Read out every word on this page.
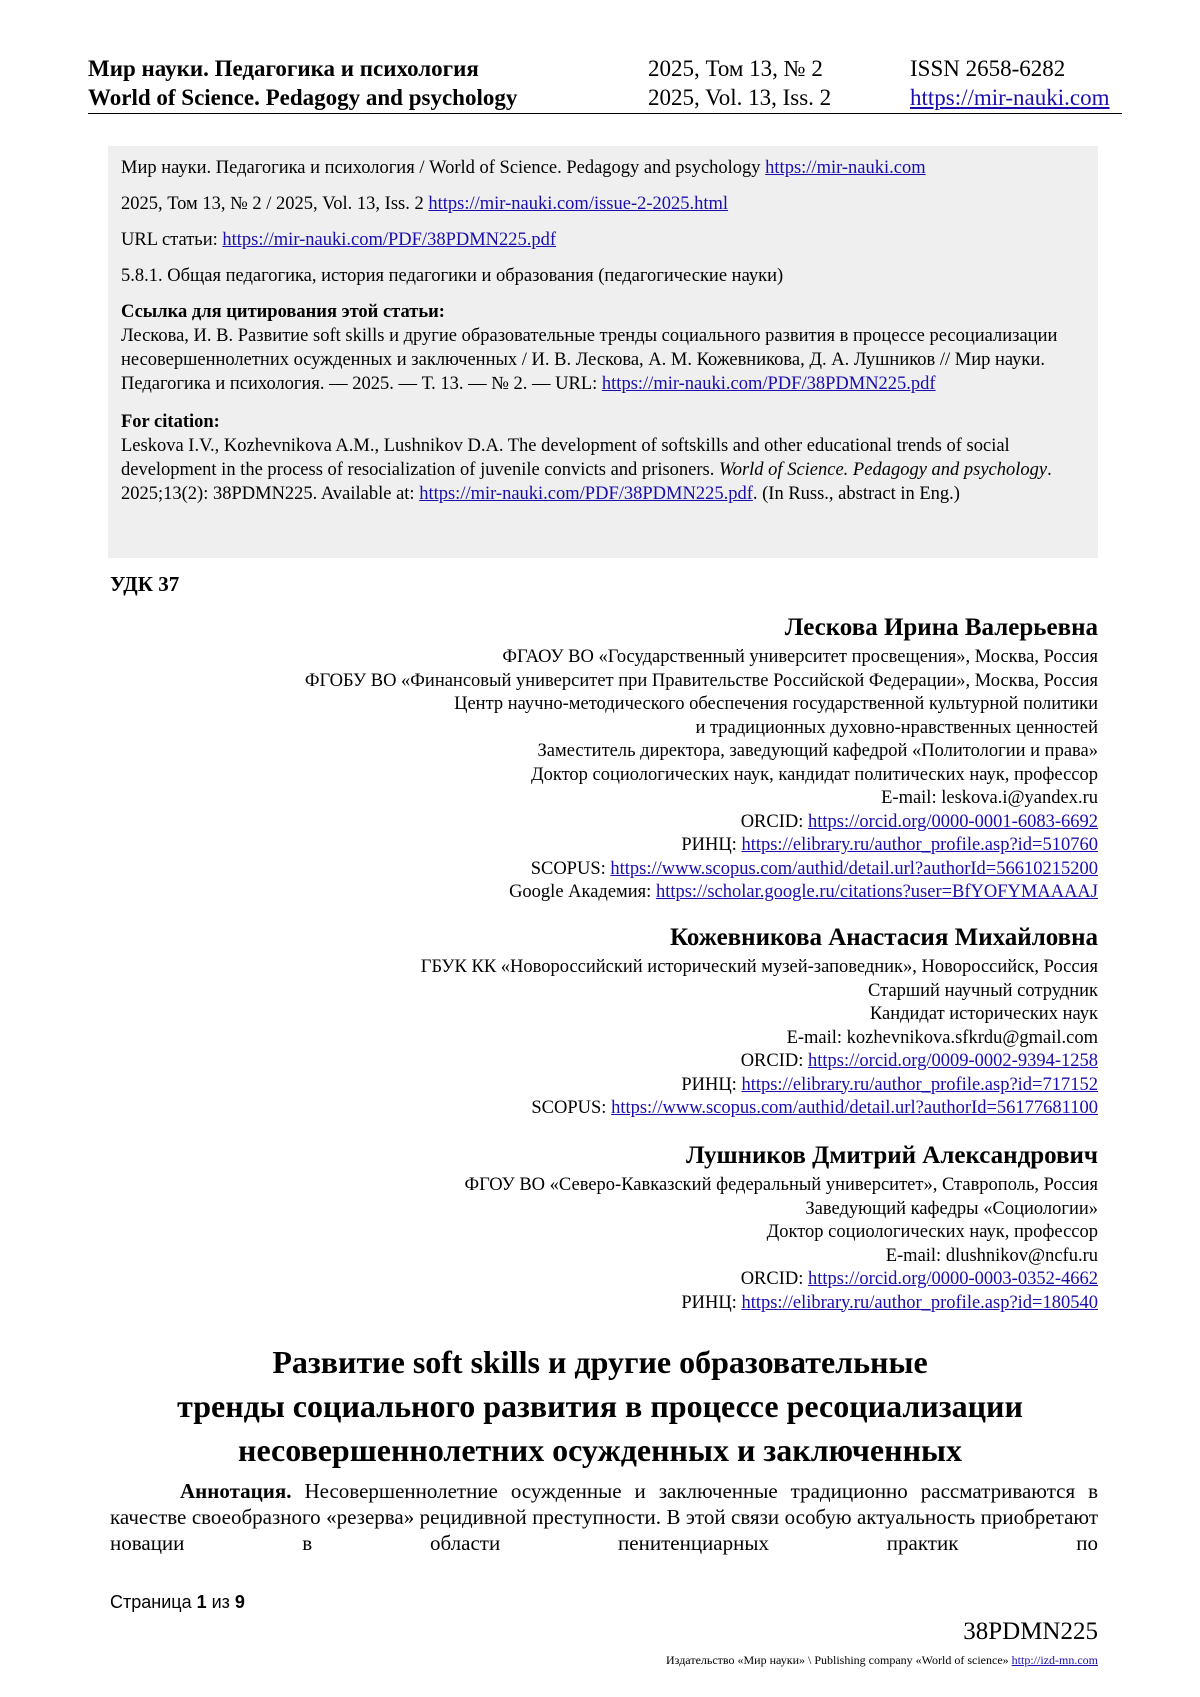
Мир науки. Педагогика и психология
World of Science. Pedagogy and psychology
2025, Том 13, № 2
2025, Vol. 13, Iss. 2
ISSN 2658-6282
https://mir-nauki.com

Мир науки. Педагогика и психология / World of Science. Pedagogy and psychology https://mir-nauki.com

2025, Том 13, № 2 / 2025, Vol. 13, Iss. 2 https://mir-nauki.com/issue-2-2025.html

URL статьи: https://mir-nauki.com/PDF/38PDMN225.pdf

5.8.1. Общая педагогика, история педагогики и образования (педагогические науки)

Ссылка для цитирования этой статьи:
Лескова, И. В. Развитие soft skills и другие образовательные тренды социального развития в процессе ресоциализации несовершеннолетних осужденных и заключенных / И. В. Лескова, А. М. Кожевникова, Д. А. Лушников // Мир науки. Педагогика и психология. — 2025. — Т. 13. — № 2. — URL: https://mir-nauki.com/PDF/38PDMN225.pdf
For citation:
Leskova I.V., Kozhevnikova A.M., Lushnikov D.A. The development of softskills and other educational trends of social development in the process of resocialization of juvenile convicts and prisoners. World of Science. Pedagogy and psychology. 2025;13(2): 38PDMN225. Available at: https://mir-nauki.com/PDF/38PDMN225.pdf. (In Russ., abstract in Eng.)
УДК 37
Лескова Ирина Валерьевна
ФГАОУ ВО «Государственный университет просвещения», Москва, Россия
ФГОБУ ВО «Финансовый университет при Правительстве Российской Федерации», Москва, Россия
Центр научно-методического обеспечения государственной культурной политики
и традиционных духовно-нравственных ценностей
Заместитель директора, заведующий кафедрой «Политологии и права»
Доктор социологических наук, кандидат политических наук, профессор
E-mail: leskova.i@yandex.ru
ORCID: https://orcid.org/0000-0001-6083-6692
РИНЦ: https://elibrary.ru/author_profile.asp?id=510760
SCOPUS: https://www.scopus.com/authid/detail.url?authorId=56610215200
Google Академия: https://scholar.google.ru/citations?user=BfYOFYMAAAAJ
Кожевникова Анастасия Михайловна
ГБУК КК «Новороссийский исторический музей-заповедник», Новороссийск, Россия
Старший научный сотрудник
Кандидат исторических наук
E-mail: kozhevnikova.sfkrdu@gmail.com
ORCID: https://orcid.org/0009-0002-9394-1258
РИНЦ: https://elibrary.ru/author_profile.asp?id=717152
SCOPUS: https://www.scopus.com/authid/detail.url?authorId=56177681100
Лушников Дмитрий Александрович
ФГОУ ВО «Северо-Кавказский федеральный университет», Ставрополь, Россия
Заведующий кафедры «Социологии»
Доктор социологических наук, профессор
E-mail: dlushnikov@ncfu.ru
ORCID: https://orcid.org/0000-0003-0352-4662
РИНЦ: https://elibrary.ru/author_profile.asp?id=180540
Развитие soft skills и другие образовательные
тренды социального развития в процессе ресоциализации
несовершеннолетних осужденных и заключенных
Аннотация. Несовершеннолетние осужденные и заключенные традиционно рассматриваются в качестве своеобразного «резерва» рецидивной преступности. В этой связи особую актуальность приобретают новации в области пенитенциарных практик по
Страница 1 из 9
38PDMN225
Издательство «Мир науки» \ Publishing company «World of science» http://izd-mn.com
